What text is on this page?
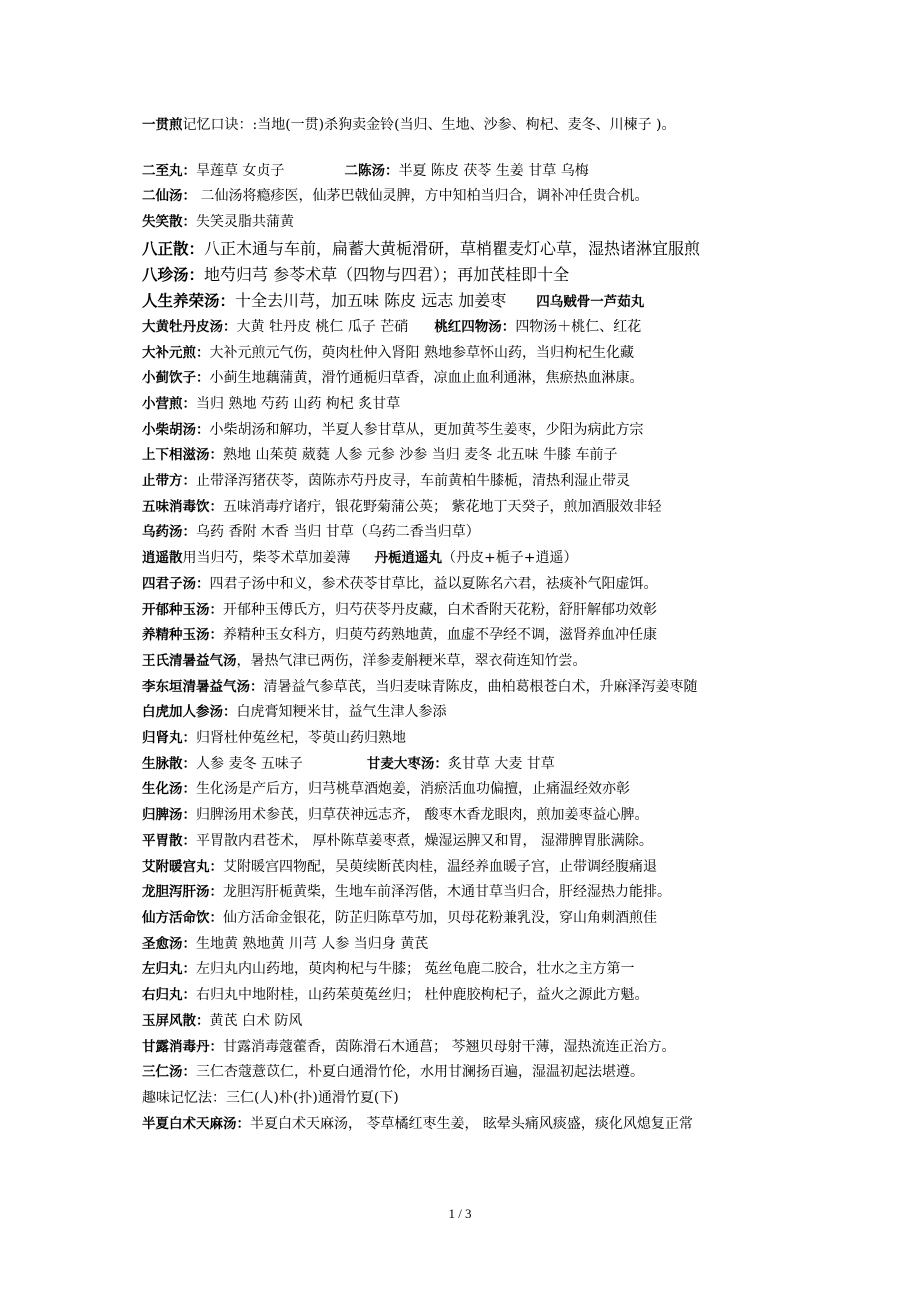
一贯煎记忆口诀：:当地(一贯)杀狗卖金铃(当归、生地、沙参、枸杞、麦冬、川楝子 )。
二至丸：旱莲草 女贞子	二陈汤：半夏 陈皮 茯苓 生姜 甘草 乌梅
二仙汤： 二仙汤将瘾疹医，仙茅巴戟仙灵脾，方中知柏当归合，调补冲任贵合机。
失笑散：失笑灵脂共蒲黄
八正散：八正木通与车前，扁蓄大黄栀滑研，草梢瞿麦灯心草，湿热诸淋宜服煎
八珍汤：地芍归芎 参苓术草（四物与四君）；再加芪桂即十全
人生养荣汤：十全去川芎，加五味 陈皮 远志 加姜枣 四乌贼骨一芦茹丸
大黄牡丹皮汤：大黄 牡丹皮 桃仁 瓜子 芒硝 桃红四物汤：四物汤＋桃仁、红花
大补元煎：大补元煎元气伤，萸肉杜仲入肾阳 熟地参草怀山药，当归枸杞生化藏
小蓟饮子：小蓟生地藕蒲黄，滑竹通栀归草香，凉血止血利通淋，焦瘀热血淋康。
小营煎：当归 熟地 芍药 山药 枸杞 炙甘草
小柴胡汤：小柴胡汤和解功，半夏人参甘草从，更加黄芩生姜枣，少阳为病此方宗
上下相滋汤：熟地 山茱萸 葳蕤 人参 元参 沙参 当归 麦冬 北五味 牛膝 车前子
止带方：止带泽泻猪茯苓，茵陈赤芍丹皮寻，车前黄柏牛膝栀，清热利湿止带灵
五味消毒饮：五味消毒疗诸疔，银花野菊蒲公英； 紫花地丁天癸子，煎加酒服效非轻
乌药汤：乌药 香附 木香 当归 甘草（乌药二香当归草）
逍遥散用当归芍，柴苓术草加姜薄 丹栀逍遥丸（丹皮+栀子+逍遥）
四君子汤：四君子汤中和义，参术茯苓甘草比，益以夏陈名六君，祛痰补气阳虚饵。
开郁种玉汤：开郁种玉傅氏方，归芍茯苓丹皮藏，白术香附天花粉，舒肝解郁功效彰
养精种玉汤：养精种玉女科方，归萸芍药熟地黄，血虚不孕经不调，滋肾养血冲任康
王氏清暑益气汤，暑热气津已两伤，洋参麦斛粳米草，翠衣荷连知竹尝。
李东垣清暑益气汤：清暑益气参草芪，当归麦味青陈皮，曲柏葛根苍白术，升麻泽泻姜枣随
白虎加人参汤：白虎膏知粳米甘，益气生津人参添
归肾丸：归肾杜仲菟丝杞，苓萸山药归熟地
生脉散：人参 麦冬 五味子	甘麦大枣汤：炙甘草 大麦 甘草
生化汤：生化汤是产后方，归芎桃草酒炮姜，消瘀活血功偏擅，止痛温经效亦彰
归脾汤：归脾汤用术参芪，归草茯神远志齐， 酸枣木香龙眼肉，煎加姜枣益心脾。
平胃散：平胃散内君苍术， 厚朴陈草姜枣煮，燥湿运脾又和胃， 湿滞脾胃胀满除。
艾附暖宫丸：艾附暖宫四物配，吴萸续断芪肉桂，温经养血暖子宫，止带调经腹痛退
龙胆泻肝汤：龙胆泻肝栀黄柴，生地车前泽泻偕，木通甘草当归合，肝经湿热力能排。
仙方活命饮：仙方活命金银花，防芷归陈草芍加，贝母花粉兼乳没，穿山角刺酒煎佳
圣愈汤：生地黄 熟地黄 川芎 人参 当归身 黄芪
左归丸：左归丸内山药地，萸肉枸杞与牛膝； 菟丝龟鹿二胶合，壮水之主方第一
右归丸：右归丸中地附桂，山药茱萸菟丝归； 杜仲鹿胶枸杞子，益火之源此方魁。
玉屏风散：黄芪 白术 防风
甘露消毒丹：甘露消毒蔻藿香，茵陈滑石木通菖； 芩翘贝母射干薄，湿热流连正治方。
三仁汤：三仁杏蔻薏苡仁，朴夏白通滑竹伦，水用甘澜扬百遍，湿温初起法堪遵。
趣味记忆法：三仁(人)朴(扑)通滑竹夏(下)
半夏白术天麻汤：半夏白术天麻汤， 苓草橘红枣生姜， 眩晕头痛风痰盛，痰化风熄复正常
1 / 3
